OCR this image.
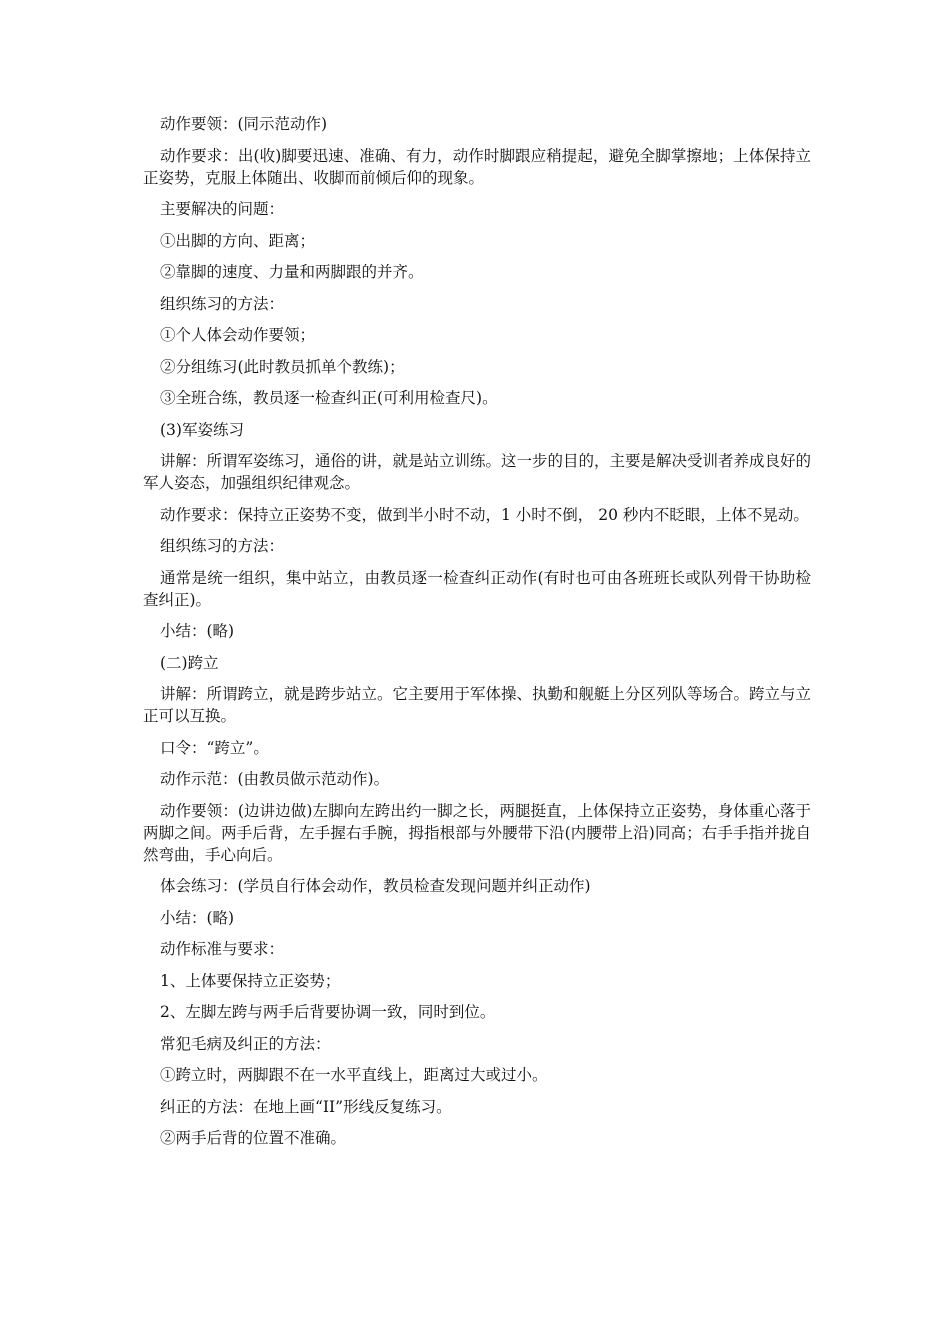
动作要领：(同示范动作)

动作要求：出(收)脚要迅速、准确、有力，动作时脚跟应稍提起，避免全脚掌擦地；上体保持立正姿势，克服上体随出、收脚而前倾后仰的现象。

主要解决的问题：

①出脚的方向、距离；

②靠脚的速度、力量和两脚跟的并齐。

组织练习的方法：

①个人体会动作要领；

②分组练习(此时教员抓单个教练)；

③全班合练，教员逐一检查纠正(可利用检查尺)。

(3)军姿练习

讲解：所谓军姿练习，通俗的讲，就是站立训练。这一步的目的，主要是解决受训者养成良好的军人姿态，加强组织纪律观念。

动作要求：保持立正姿势不变，做到半小时不动，1 小时不倒， 20 秒内不眨眼，上体不晃动。

组织练习的方法：

通常是统一组织，集中站立，由教员逐一检查纠正动作(有时也可由各班班长或队列骨干协助检查纠正)。

小结：(略)

(二)跨立

讲解：所谓跨立，就是跨步站立。它主要用于军体操、执勤和舰艇上分区列队等场合。跨立与立正可以互换。

口令：“跨立”。

动作示范：(由教员做示范动作)。

动作要领：(边讲边做)左脚向左跨出约一脚之长，两腿挺直，上体保持立正姿势，身体重心落于两脚之间。两手后背，左手握右手腕，拇指根部与外腰带下沿(内腰带上沿)同高；右手手指并拢自然弯曲，手心向后。

体会练习：(学员自行体会动作，教员检查发现问题并纠正动作)

小结：(略)

动作标准与要求：

1、上体要保持立正姿势；

2、左脚左跨与两手后背要协调一致，同时到位。

常犯毛病及纠正的方法：

①跨立时，两脚跟不在一水平直线上，距离过大或过小。

纠正的方法：在地上画“II”形线反复练习。

②两手后背的位置不准确。
